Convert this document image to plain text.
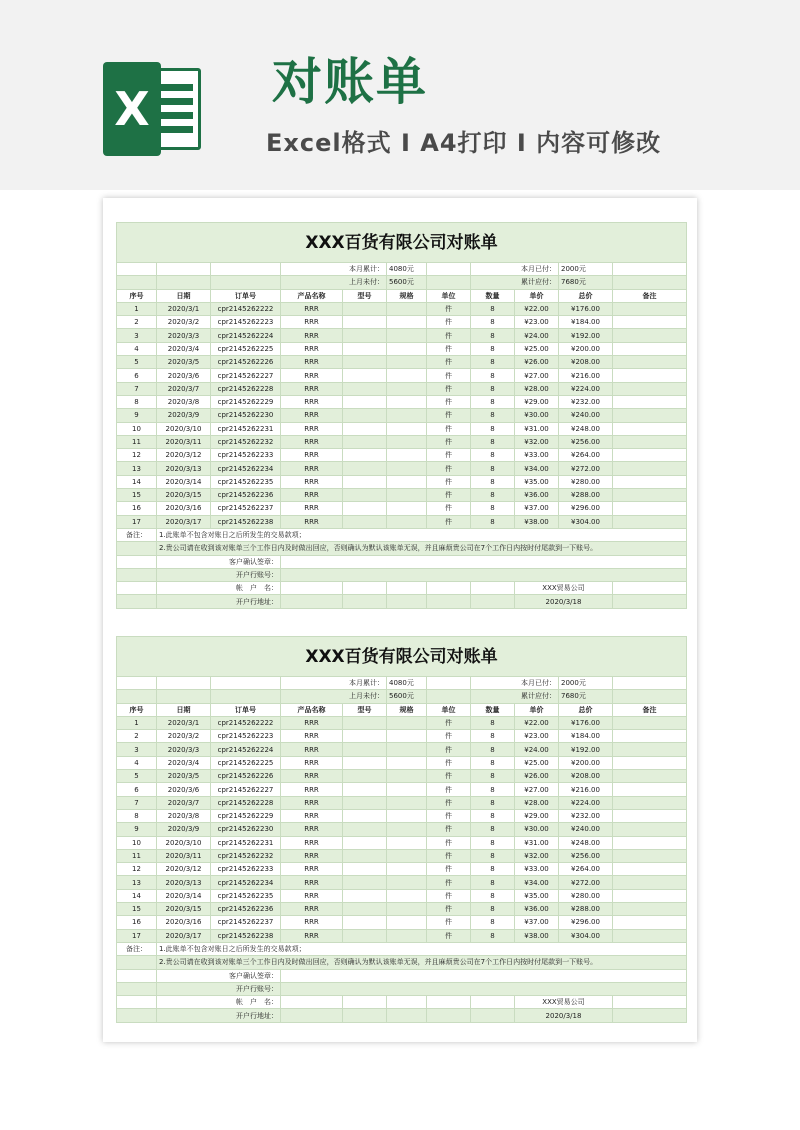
X 对账单
Excel格式 I A4打印 I 内容可修改
XXX百货有限公司对账单										
			本月累计：		4080元		本月已付：		2000元	
			上月未付：		5600元		累计应付：		7680元	
序号	日期	订单号	产品名称	型号	规格	单位	数量	单价	总价	备注
1	2020/3/1	cpr2145262222	RRR			件	8	¥22.00	¥176.00	
2	2020/3/2	cpr2145262223	RRR			件	8	¥23.00	¥184.00	
3	2020/3/3	cpr2145262224	RRR			件	8	¥24.00	¥192.00	
4	2020/3/4	cpr2145262225	RRR			件	8	¥25.00	¥200.00	
5	2020/3/5	cpr2145262226	RRR			件	8	¥26.00	¥208.00	
6	2020/3/6	cpr2145262227	RRR			件	8	¥27.00	¥216.00	
7	2020/3/7	cpr2145262228	RRR			件	8	¥28.00	¥224.00	
8	2020/3/8	cpr2145262229	RRR			件	8	¥29.00	¥232.00	
9	2020/3/9	cpr2145262230	RRR			件	8	¥30.00	¥240.00	
10	2020/3/10	cpr2145262231	RRR			件	8	¥31.00	¥248.00	
11	2020/3/11	cpr2145262232	RRR			件	8	¥32.00	¥256.00	
12	2020/3/12	cpr2145262233	RRR			件	8	¥33.00	¥264.00	
13	2020/3/13	cpr2145262234	RRR			件	8	¥34.00	¥272.00	
14	2020/3/14	cpr2145262235	RRR			件	8	¥35.00	¥280.00	
15	2020/3/15	cpr2145262236	RRR			件	8	¥36.00	¥288.00	
16	2020/3/16	cpr2145262237	RRR			件	8	¥37.00	¥296.00	
17	2020/3/17	cpr2145262238	RRR			件	8	¥38.00	¥304.00	
备注：	1.此账单不包含对账日之后所发生的交易款项；									
	2.贵公司请在收到该对账单三个工作日内及时做出回应，否则确认为默认该账单无误，并且麻烦贵公司在7个工作日内按时付尾款到一下账号。									
	客户确认签章：									
	开户行账号：									
	帐　户　名：							XXX贸易公司		
	开户行地址：							2020/3/18		
XXX百货有限公司对账单										
			本月累计：		4080元		本月已付：		2000元	
			上月未付：		5600元		累计应付：		7680元	
序号	日期	订单号	产品名称	型号	规格	单位	数量	单价	总价	备注
1	2020/3/1	cpr2145262222	RRR			件	8	¥22.00	¥176.00	
2	2020/3/2	cpr2145262223	RRR			件	8	¥23.00	¥184.00	
3	2020/3/3	cpr2145262224	RRR			件	8	¥24.00	¥192.00	
4	2020/3/4	cpr2145262225	RRR			件	8	¥25.00	¥200.00	
5	2020/3/5	cpr2145262226	RRR			件	8	¥26.00	¥208.00	
6	2020/3/6	cpr2145262227	RRR			件	8	¥27.00	¥216.00	
7	2020/3/7	cpr2145262228	RRR			件	8	¥28.00	¥224.00	
8	2020/3/8	cpr2145262229	RRR			件	8	¥29.00	¥232.00	
9	2020/3/9	cpr2145262230	RRR			件	8	¥30.00	¥240.00	
10	2020/3/10	cpr2145262231	RRR			件	8	¥31.00	¥248.00	
11	2020/3/11	cpr2145262232	RRR			件	8	¥32.00	¥256.00	
12	2020/3/12	cpr2145262233	RRR			件	8	¥33.00	¥264.00	
13	2020/3/13	cpr2145262234	RRR			件	8	¥34.00	¥272.00	
14	2020/3/14	cpr2145262235	RRR			件	8	¥35.00	¥280.00	
15	2020/3/15	cpr2145262236	RRR			件	8	¥36.00	¥288.00	
16	2020/3/16	cpr2145262237	RRR			件	8	¥37.00	¥296.00	
17	2020/3/17	cpr2145262238	RRR			件	8	¥38.00	¥304.00	
备注：	1.此账单不包含对账日之后所发生的交易款项；									
	2.贵公司请在收到该对账单三个工作日内及时做出回应，否则确认为默认该账单无误，并且麻烦贵公司在7个工作日内按时付尾款到一下账号。									
	客户确认签章：									
	开户行账号：									
	帐　户　名：							XXX贸易公司		
	开户行地址：							2020/3/18		
